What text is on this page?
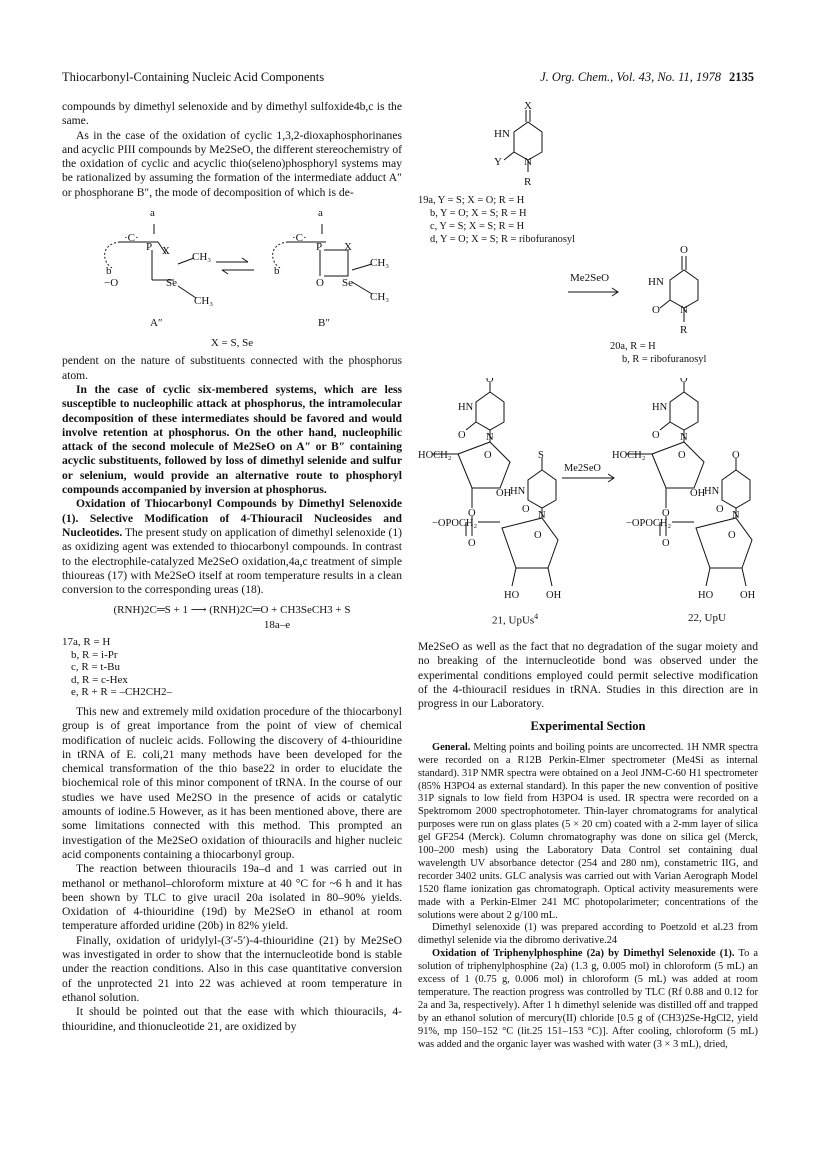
Thiocarbonyl-Containing Nucleic Acid Components	J. Org. Chem., Vol. 43, No. 11, 1978 2135

compounds by dimethyl selenoxide and by dimethyl sulfoxide4b,c is the same.

As in the case of the oxidation of cyclic 1,3,2-dioxaphosphorinanes and acyclic PIII compounds by Me2SeO, the different stereochemistry of the oxidation of cyclic and acyclic thio(seleno)phosphoryl systems may be rationalized by assuming the formation of the intermediate adduct A″ or phosphorane B″, the mode of decomposition of which is de-

·C·
b
P X
−O	Se
CH₃
CH₃
·C·
b
P X
O Se
CH₃
CH₃
a	a
A″	B″
X = S, Se

pendent on the nature of substituents connected with the phosphorus atom.

In the case of cyclic six-membered systems, which are less susceptible to nucleophilic attack at phosphorus, the intramolecular decomposition of these intermediates should be favored and would involve retention at phosphorus. On the other hand, nucleophilic attack of the second molecule of Me2SeO on A″ or B″ containing acyclic substituents, followed by loss of dimethyl selenide and sulfur or selenium, would provide an alternative route to phosphoryl compounds accompanied by inversion at phosphorus.

Oxidation of Thiocarbonyl Compounds by Dimethyl Selenoxide (1). Selective Modification of 4-Thiouracil Nucleosides and Nucleotides. The present study on application of dimethyl selenoxide (1) as oxidizing agent was extended to thiocarbonyl compounds. In contrast to the electrophile-catalyzed Me2SeO oxidation,4a,c treatment of simple thioureas (17) with Me2SeO itself at room temperature results in a clean conversion to the corresponding ureas (18).

(RNH)2C═S + 1 ⟶ (RNH)2C═O + CH3SeCH3 + S
18a–e
17a, R = H
b, R = i-Pr
c, R = t-Bu
d, R = c-Hex
e, R + R = –CH2CH2–

This new and extremely mild oxidation procedure of the thiocarbonyl group is of great importance from the point of view of chemical modification of nucleic acids. Following the discovery of 4-thiouridine in tRNA of E. coli,21 many methods have been developed for the chemical transformation of the thio base22 in order to elucidate the biochemical role of this minor component of tRNA. In the course of our studies we have used Me2SO in the presence of acids or catalytic amounts of iodine.5 However, as it has been mentioned above, there are some limitations connected with this method. This prompted an investigation of the Me2SeO oxidation of thiouracils and higher nucleic acid components containing a thiocarbonyl group.

The reaction between thiouracils 19a–d and 1 was carried out in methanol or methanol–chloroform mixture at 40 °C for ~6 h and it has been shown by TLC to give uracil 20a isolated in 80–90% yields. Oxidation of 4-thiouridine (19d) by Me2SeO in ethanol at room temperature afforded uridine (20b) in 82% yield.

Finally, oxidation of uridylyl-(3′-5′)-4-thiouridine (21) by Me2SeO was investigated in order to show that the internucleotide bond is stable under the reaction conditions. Also in this case quantitative conversion of the unprotected 21 into 22 was achieved at room temperature in ethanol solution.

It should be pointed out that the ease with which thiouracils, 4-thiouridine, and thionucleotide 21, are oxidized by

X
HN
N
Y
R
19a, Y = S; X = O; R = H
b, Y = O; X = S; R = H
c, Y = S; X = S; R = H
d, Y = O; X = S; R = ribofuranosyl
Me2SeO
O
HN
O N
R
20a, R = H
b, R = ribofuranosyl
O
HN
O N
HOCH₂	O
O
OH
HN
S
O
N
−OPOCH₂
O
O
HO	OH
O
HN
O N
HOCH₂	O
O
OH
HN
O
O
N
−OPOCH₂
O
O
HO	OH
Me2SeO
21, UpUs$^4$	22, UpU

Me2SeO as well as the fact that no degradation of the sugar moiety and no breaking of the internucleotide bond was observed under the experimental conditions employed could permit selective modification of the 4-thiouracil residues in tRNA. Studies in this direction are in progress in our Laboratory.

Experimental Section

General. Melting points and boiling points are uncorrected. 1H NMR spectra were recorded on a R12B Perkin-Elmer spectrometer (Me4Si as internal standard). 31P NMR spectra were obtained on a Jeol JNM-C-60 H1 spectrometer (85% H3PO4 as external standard). In this paper the new convention of positive 31P signals to low field from H3PO4 is used. IR spectra were recorded on a Spektromom 2000 spectrophotometer. Thin-layer chromatograms for analytical purposes were run on glass plates (5 × 20 cm) coated with a 2-mm layer of silica gel GF254 (Merck). Column chromatography was done on silica gel (Merck, 100–200 mesh) using the Laboratory Data Control set containing dual wavelength UV absorbance detector (254 and 280 nm), constametric IIG, and recorder 3402 units. GLC analysis was carried out with Varian Aerograph Model 1520 flame ionization gas chromatograph. Optical activity measurements were made with a Perkin-Elmer 241 MC photopolarimeter; concentrations of the solutions were about 2 g/100 mL.

Dimethyl selenoxide (1) was prepared according to Poetzold et al.23 from dimethyl selenide via the dibromo derivative.24

Oxidation of Triphenylphosphine (2a) by Dimethyl Selenoxide (1). To a solution of triphenylphosphine (2a) (1.3 g, 0.005 mol) in chloroform (5 mL) an excess of 1 (0.75 g, 0.006 mol) in chloroform (5 mL) was added at room temperature. The reaction progress was controlled by TLC (Rf 0.88 and 0.12 for 2a and 3a, respectively). After 1 h dimethyl selenide was distilled off and trapped by an ethanol solution of mercury(II) chloride [0.5 g of (CH3)2Se-HgCl2, yield 91%, mp 150–152 °C (lit.25 151–153 °C)]. After cooling, chloroform (5 mL) was added and the organic layer was washed with water (3 × 3 mL), dried,
